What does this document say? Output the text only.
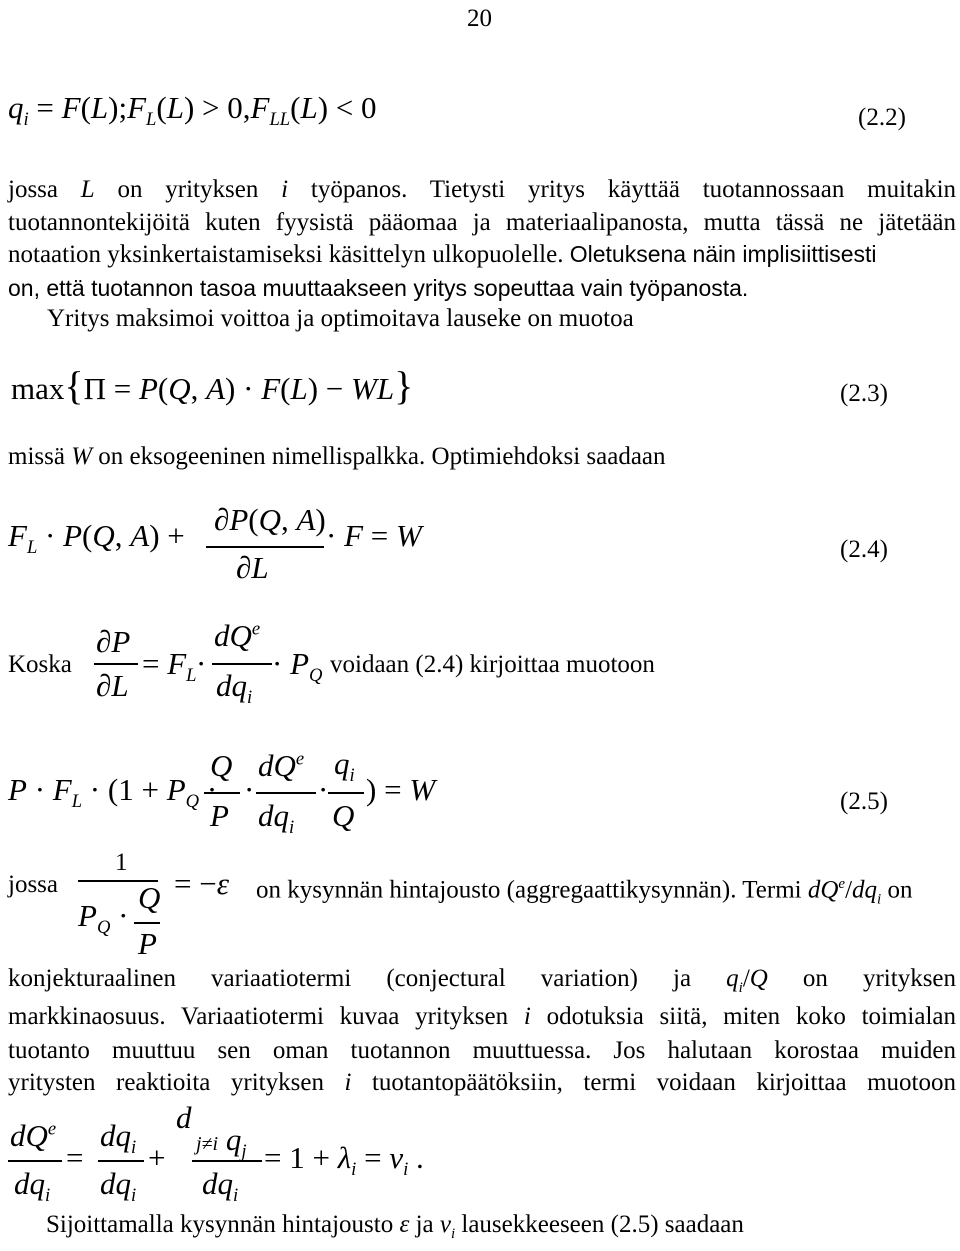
20
$q_i$ = $F(L);F_L(L) > 0,F_{LL}(L) < 0$	(2.2)
jossa L on yrityksen i työpanos. Tietysti yritys käyttää tuotannossaan muitakin
tuotannontekijöitä kuten fyysistä pääomaa ja materiaalipanosta, mutta tässä ne jätetään
notaation yksinkertaistamiseksi käsittelyn ulkopuolelle. Oletuksena näin implisiittisesti
on, että tuotannon tasoa muuttaakseen yritys sopeuttaa vain työpanosta.
Yritys maksimoi voittoa ja optimoitava lauseke on muotoa
max{Π = P(Q, A) · F(L) − WL}	(2.3)
missä W on eksogeeninen nimellispalkka. Optimiehdoksi saadaan
$F_L \cdot P(Q$, A) + ∂P(Q, A)
∂L
· F = W	(2.4)
Koska
∂P
∂L
= $F_L$
$dQ^e$
$dq_i$
· · $P_Q$ voidaan (2.4) kirjoittaa muotoon
$P \cdot F_L \cdot (1 + P_Q$ ·
Q
P
·
$dQ^e$
$dq_i$
·
$q_i$
Q
) = W	(2.5)
jossa
1
$P_Q$ ·
Q
P
= −ε on kysynnän hintajousto (aggregaattikysynnän). Termi $dQ^e/dq_i$ on
konjekturaalinen variaatiotermi (conjectural variation) ja $q_i/Q$ on yrityksen
markkinaosuus. Variaatiotermi kuvaa yrityksen i odotuksia siitä, miten koko toimialan
tuotanto muuttuu sen oman tuotannon muuttuessa. Jos halutaan korostaa muiden
yritysten reaktioita yrityksen i tuotantopäätöksiin, termi voidaan kirjoittaa muotoon
$dQ^e$
$dq_i$
=
$dq_i$
$dq_i$
+
d
j≠i $q_j$
$dq_i$
= $1 + \lambda_i = v_i$ .
Sijoittamalla kysynnän hintajousto ε ja $v_i$ lausekkeeseen (2.5) saadaan
